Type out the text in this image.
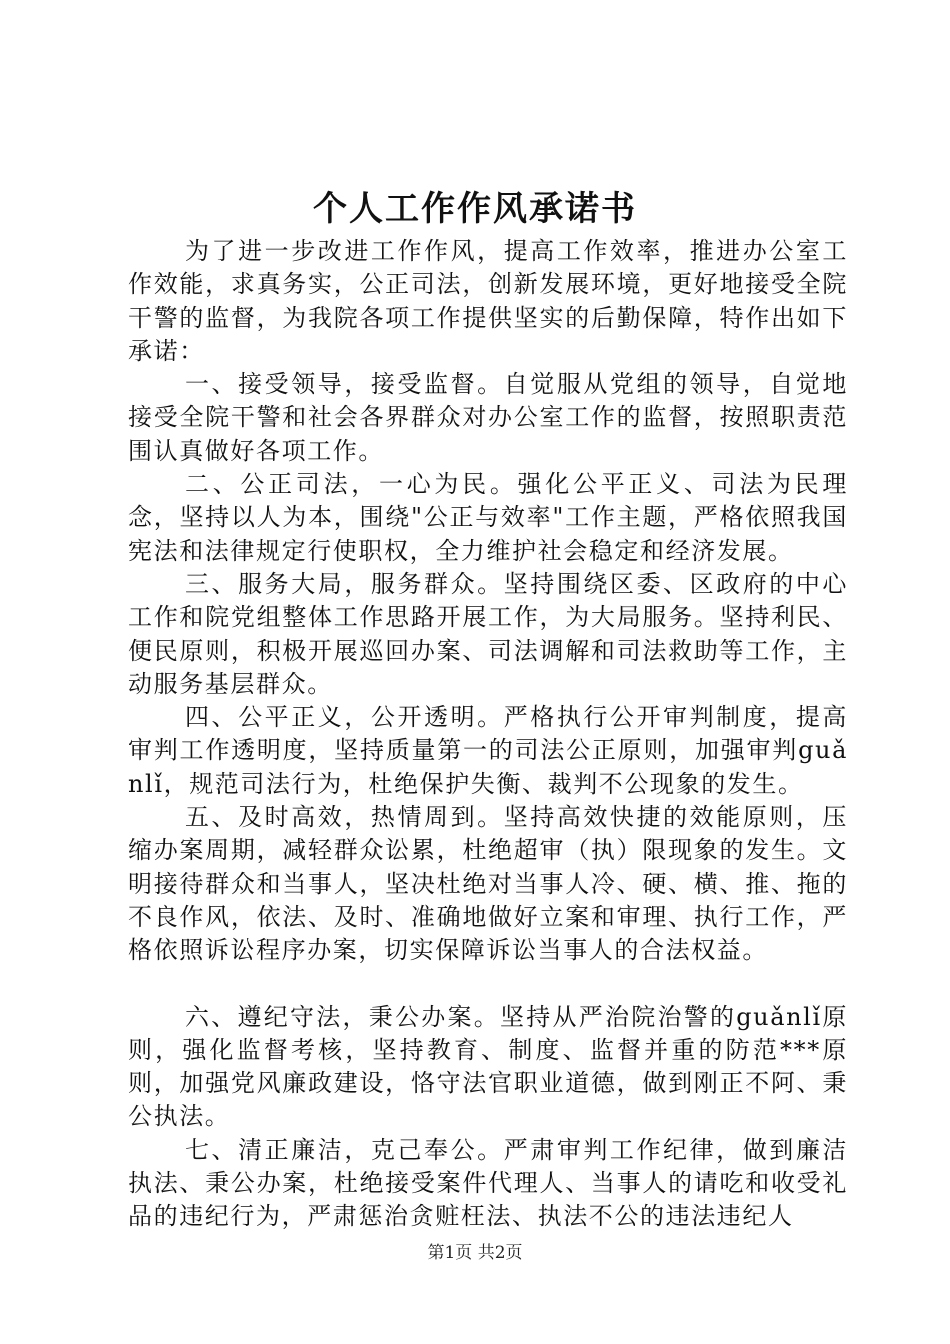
个人工作作风承诺书

为了进一步改进工作作风，提高工作效率，推进办公室工作效能，求真务实，公正司法，创新发展环境，更好地接受全院干警的监督，为我院各项工作提供坚实的后勤保障，特作出如下承诺：

一、接受领导，接受监督。自觉服从党组的领导，自觉地接受全院干警和社会各界群众对办公室工作的监督，按照职责范围认真做好各项工作。

二、公正司法，一心为民。强化公平正义、司法为民理念，坚持以人为本，围绕"公正与效率"工作主题，严格依照我国宪法和法律规定行使职权，全力维护社会稳定和经济发展。

三、服务大局，服务群众。坚持围绕区委、区政府的中心工作和院党组整体工作思路开展工作，为大局服务。坚持利民、便民原则，积极开展巡回办案、司法调解和司法救助等工作，主动服务基层群众。

四、公平正义，公开透明。严格执行公开审判制度，提高审判工作透明度，坚持质量第一的司法公正原则，加强审判guǎnlǐ，规范司法行为，杜绝保护失衡、裁判不公现象的发生。

五、及时高效，热情周到。坚持高效快捷的效能原则，压缩办案周期，减轻群众讼累，杜绝超审（执）限现象的发生。文明接待群众和当事人，坚决杜绝对当事人冷、硬、横、推、拖的不良作风，依法、及时、准确地做好立案和审理、执行工作，严格依照诉讼程序办案，切实保障诉讼当事人的合法权益。

六、遵纪守法，秉公办案。坚持从严治院治警的guǎnlǐ原则，强化监督考核，坚持教育、制度、监督并重的防范***原则，加强党风廉政建设，恪守法官职业道德，做到刚正不阿、秉公执法。

七、清正廉洁，克己奉公。严肃审判工作纪律，做到廉洁执法、秉公办案，杜绝接受案件代理人、当事人的请吃和收受礼品的违纪行为，严肃惩治贪赃枉法、执法不公的违法违纪人

第1页 共2页
